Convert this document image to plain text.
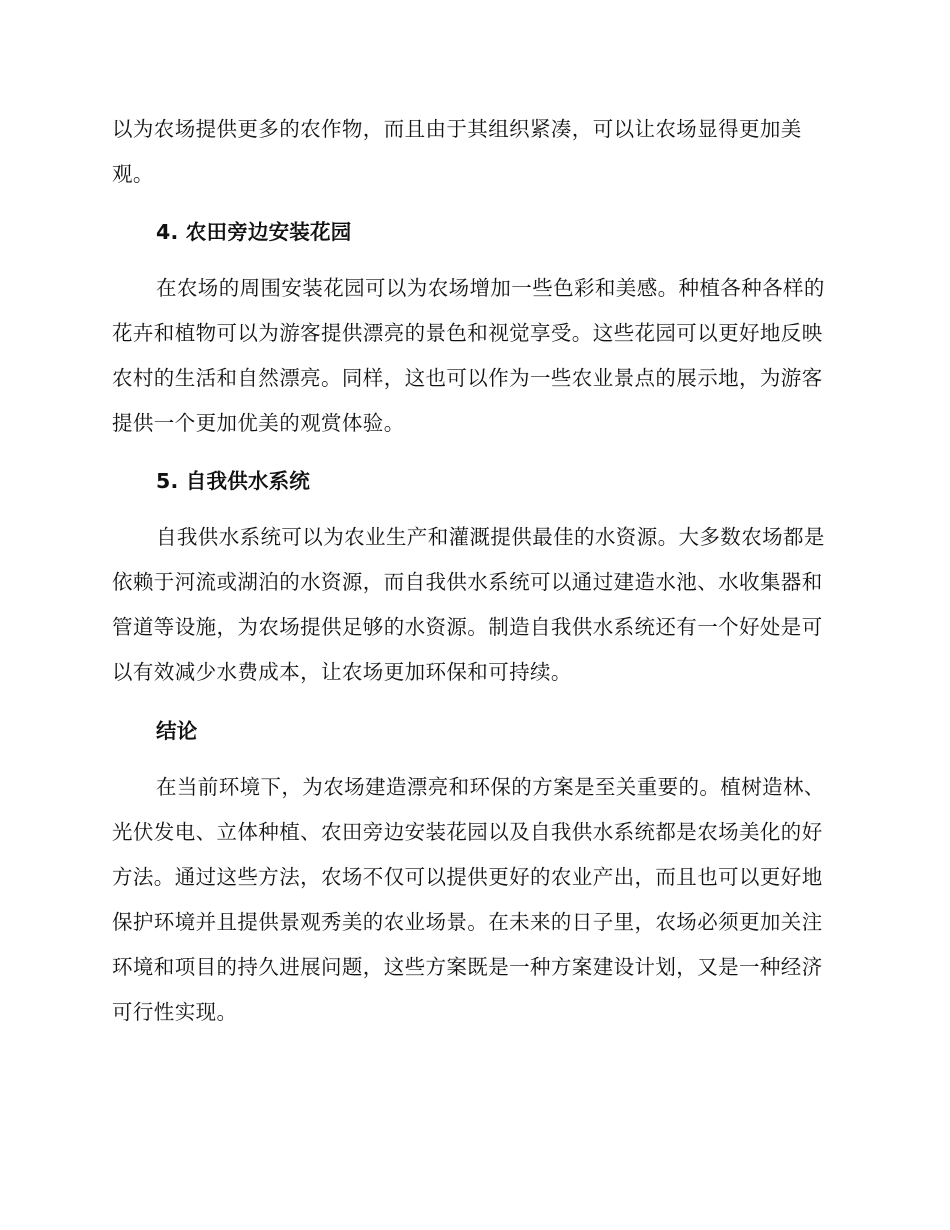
以为农场提供更多的农作物，而且由于其组织紧凑，可以让农场显得更加美观。

4. 农田旁边安装花园

在农场的周围安装花园可以为农场增加一些色彩和美感。种植各种各样的花卉和植物可以为游客提供漂亮的景色和视觉享受。这些花园可以更好地反映农村的生活和自然漂亮。同样，这也可以作为一些农业景点的展示地，为游客提供一个更加优美的观赏体验。

5. 自我供水系统

自我供水系统可以为农业生产和灌溉提供最佳的水资源。大多数农场都是依赖于河流或湖泊的水资源，而自我供水系统可以通过建造水池、水收集器和管道等设施，为农场提供足够的水资源。制造自我供水系统还有一个好处是可以有效减少水费成本，让农场更加环保和可持续。

结论

在当前环境下，为农场建造漂亮和环保的方案是至关重要的。植树造林、光伏发电、立体种植、农田旁边安装花园以及自我供水系统都是农场美化的好方法。通过这些方法，农场不仅可以提供更好的农业产出，而且也可以更好地保护环境并且提供景观秀美的农业场景。在未来的日子里，农场必须更加关注环境和项目的持久进展问题，这些方案既是一种方案建设计划，又是一种经济可行性实现。
